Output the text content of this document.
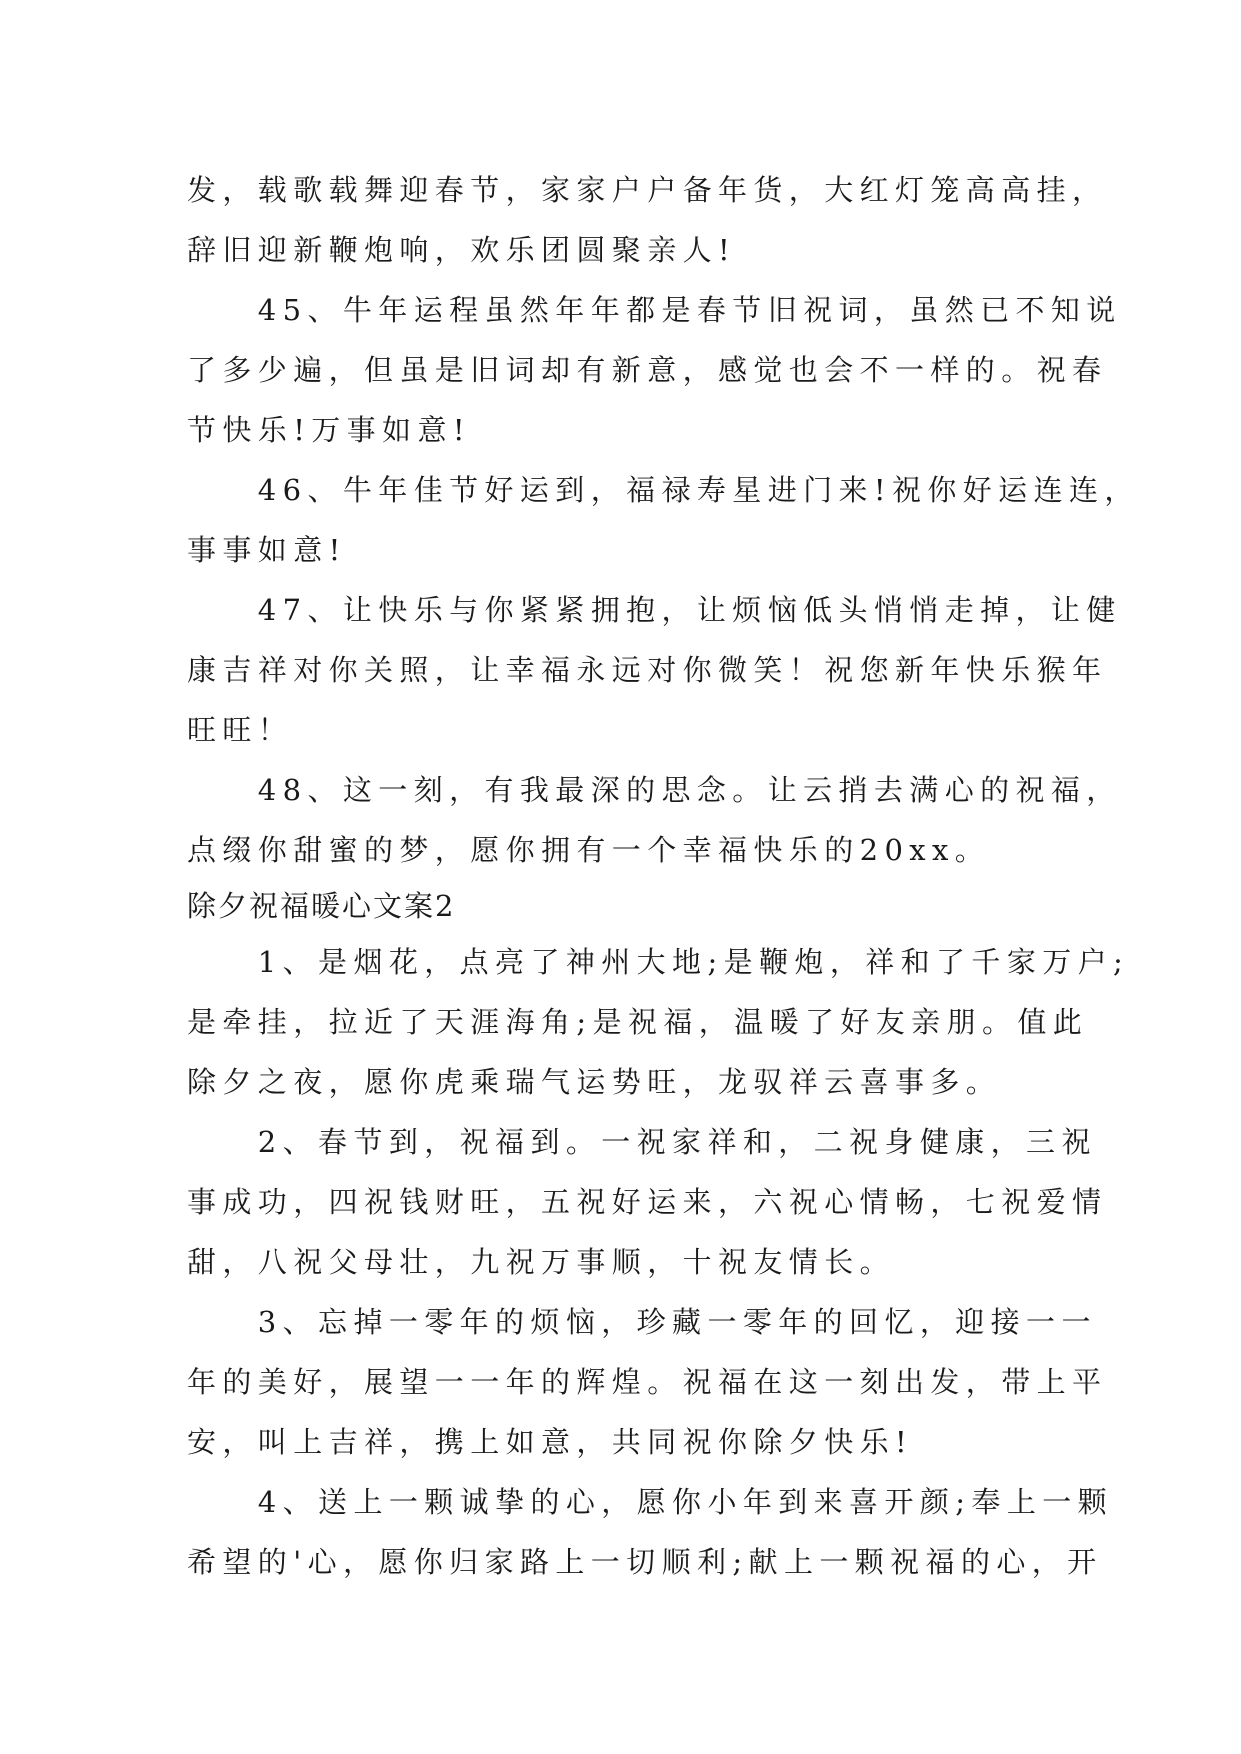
发，载歌载舞迎春节，家家户户备年货，大红灯笼高高挂，
辞旧迎新鞭炮响，欢乐团圆聚亲人!
　　45、牛年运程虽然年年都是春节旧祝词，虽然已不知说
了多少遍，但虽是旧词却有新意，感觉也会不一样的。祝春
节快乐!万事如意!
　　46、牛年佳节好运到，福禄寿星进门来!祝你好运连连，
事事如意!
　　47、让快乐与你紧紧拥抱，让烦恼低头悄悄走掉，让健
康吉祥对你关照，让幸福永远对你微笑！祝您新年快乐猴年
旺旺！
　　48、这一刻，有我最深的思念。让云捎去满心的祝福，
点缀你甜蜜的梦，愿你拥有一个幸福快乐的20xx。
除夕祝福暖心文案2
　　1、是烟花，点亮了神州大地;是鞭炮，祥和了千家万户;
是牵挂，拉近了天涯海角;是祝福，温暖了好友亲朋。值此
除夕之夜，愿你虎乘瑞气运势旺，龙驭祥云喜事多。
　　2、春节到，祝福到。一祝家祥和，二祝身健康，三祝
事成功，四祝钱财旺，五祝好运来，六祝心情畅，七祝爱情
甜，八祝父母壮，九祝万事顺，十祝友情长。
　　3、忘掉一零年的烦恼，珍藏一零年的回忆，迎接一一
年的美好，展望一一年的辉煌。祝福在这一刻出发，带上平
安，叫上吉祥，携上如意，共同祝你除夕快乐!
　　4、送上一颗诚挚的心，愿你小年到来喜开颜;奉上一颗
希望的'心，愿你归家路上一切顺利;献上一颗祝福的心，开
